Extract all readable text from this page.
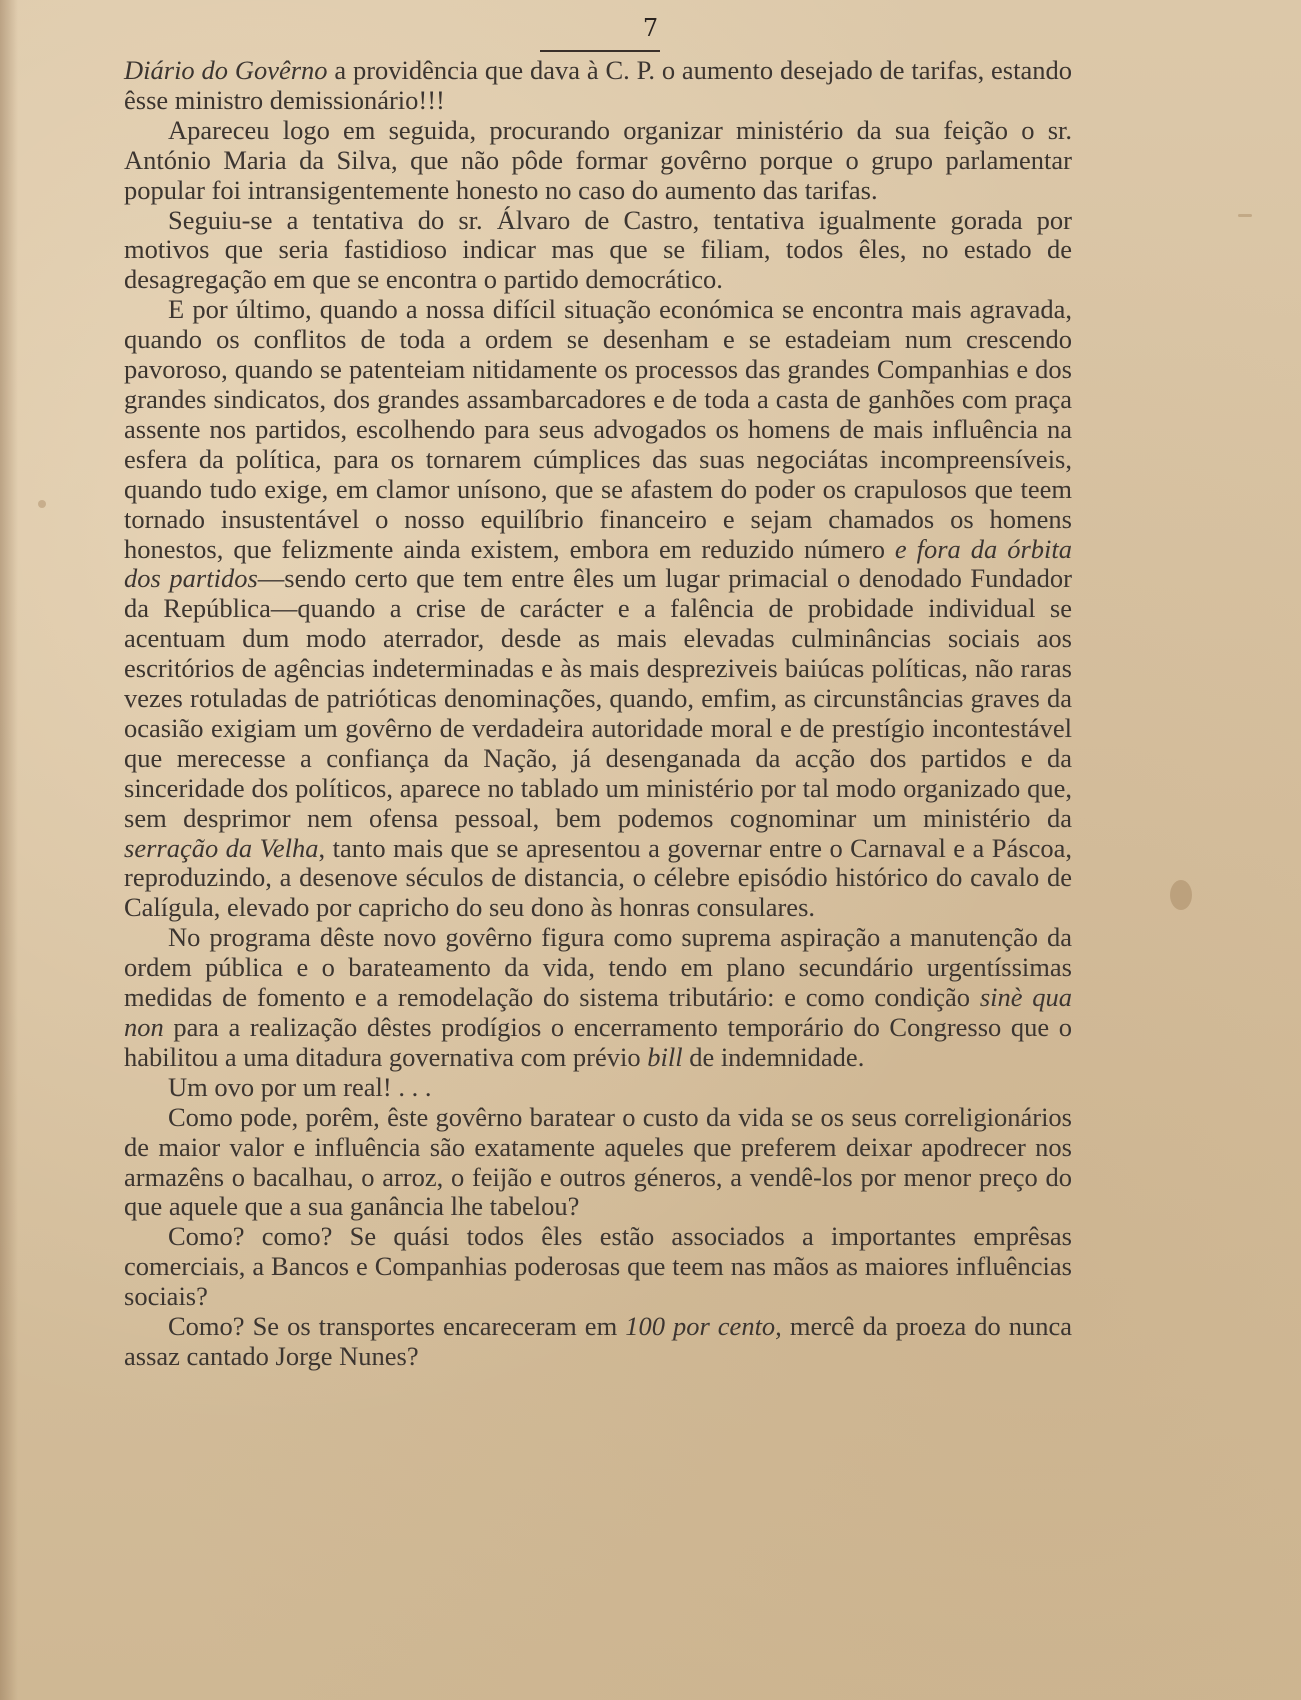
7

Diário do Govêrno a providência que dava à C. P. o aumento desejado de tarifas, estando êsse ministro demissionário!!!

Apareceu logo em seguida, procurando organizar ministério da sua feição o sr. António Maria da Silva, que não pôde formar govêrno porque o grupo parlamentar popular foi intransigentemente honesto no caso do aumento das tarifas.

Seguiu-se a tentativa do sr. Álvaro de Castro, tentativa igualmente gorada por motivos que seria fastidioso indicar mas que se filiam, todos êles, no estado de desagregação em que se encontra o partido democrático.

E por último, quando a nossa difícil situação económica se encontra mais agravada, quando os conflitos de toda a ordem se desenham e se estadeiam num crescendo pavoroso, quando se patenteiam nitidamente os processos das grandes Companhias e dos grandes sindicatos, dos grandes assambarcadores e de toda a casta de ganhões com praça assente nos partidos, escolhendo para seus advogados os homens de mais influência na esfera da política, para os tornarem cúmplices das suas negociátas incompreensíveis, quando tudo exige, em clamor unísono, que se afastem do poder os crapulosos que teem tornado insustentável o nosso equilíbrio financeiro e sejam chamados os homens honestos, que felizmente ainda existem, embora em reduzido número e fora da órbita dos partidos—sendo certo que tem entre êles um lugar primacial o denodado Fundador da República—quando a crise de carácter e a falência de probidade individual se acentuam dum modo aterrador, desde as mais elevadas culminâncias sociais aos escritórios de agências indeterminadas e às mais despreziveis baiúcas políticas, não raras vezes rotuladas de patrióticas denominações, quando, emfim, as circunstâncias graves da ocasião exigiam um govêrno de verdadeira autoridade moral e de prestígio incontestável que merecesse a confiança da Nação, já desenganada da acção dos partidos e da sinceridade dos políticos, aparece no tablado um ministério por tal modo organizado que, sem desprimor nem ofensa pessoal, bem podemos cognominar um ministério da serração da Velha, tanto mais que se apresentou a governar entre o Carnaval e a Páscoa, reproduzindo, a desenove séculos de distancia, o célebre episódio histórico do cavalo de Calígula, elevado por capricho do seu dono às honras consulares.

No programa dêste novo govêrno figura como suprema aspiração a manutenção da ordem pública e o barateamento da vida, tendo em plano secundário urgentíssimas medidas de fomento e a remodelação do sistema tributário: e como condição sinè qua non para a realização dêstes prodígios o encerramento temporário do Congresso que o habilitou a uma ditadura governativa com prévio bill de indemnidade.

Um ovo por um real! . . .

Como pode, porêm, êste govêrno baratear o custo da vida se os seus correligionários de maior valor e influência são exatamente aqueles que preferem deixar apodrecer nos armazêns o bacalhau, o arroz, o feijão e outros géneros, a vendê-los por menor preço do que aquele que a sua ganância lhe tabelou?

Como? como? Se quási todos êles estão associados a importantes emprêsas comerciais, a Bancos e Companhias poderosas que teem nas mãos as maiores influências sociais?

Como? Se os transportes encareceram em 100 por cento, mercê da proeza do nunca assaz cantado Jorge Nunes?
